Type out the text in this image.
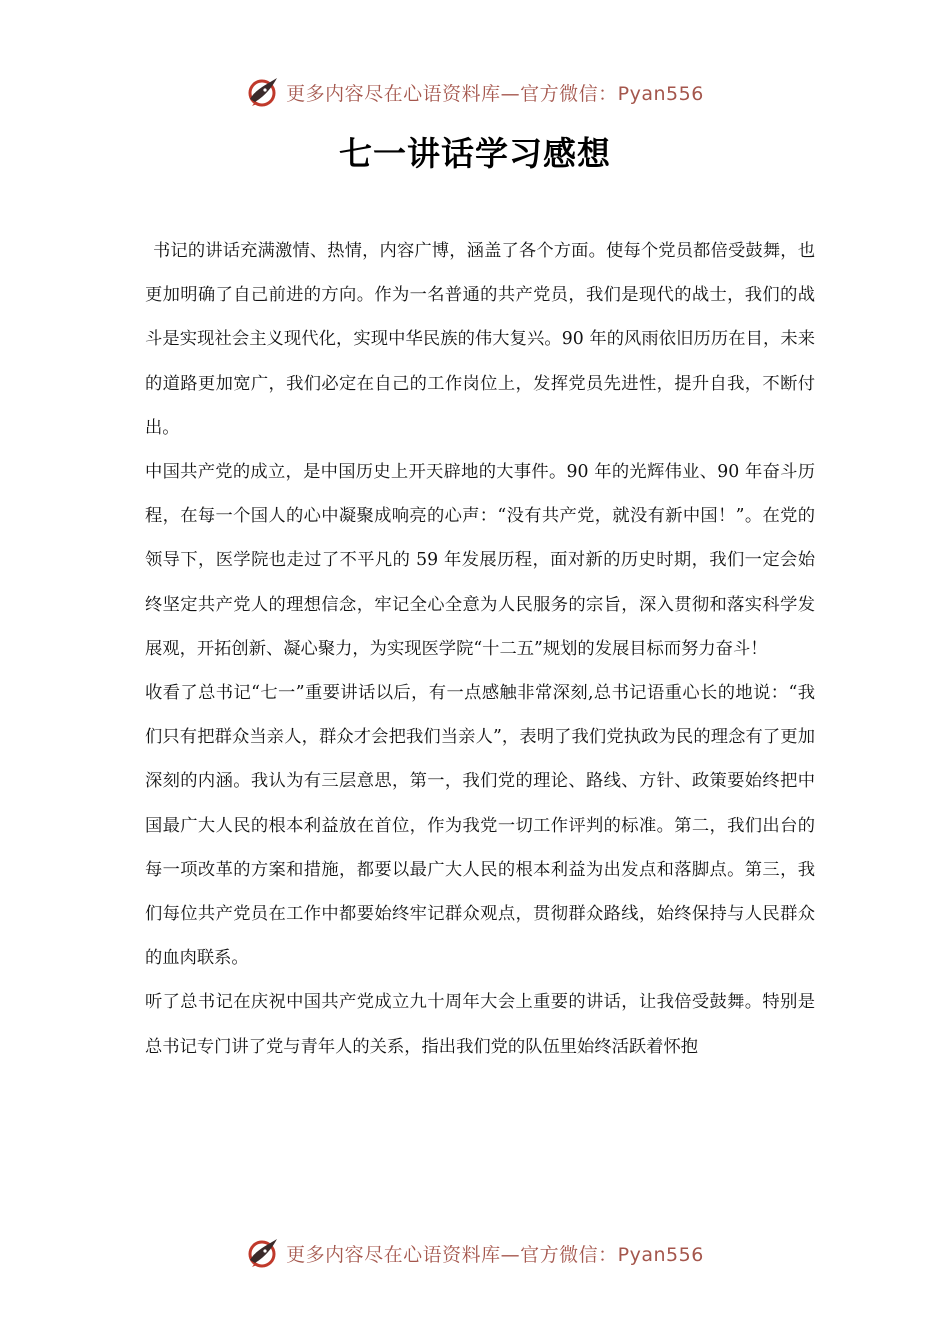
更多内容尽在心语资料库—官方微信：Pyan556
七一讲话学习感想

书记的讲话充满激情、热情，内容广博，涵盖了各个方面。使每个党员都倍受鼓舞，也更加明确了自己前进的方向。作为一名普通的共产党员，我们是现代的战士，我们的战斗是实现社会主义现代化，实现中华民族的伟大复兴。90 年的风雨依旧历历在目，未来的道路更加宽广，我们必定在自己的工作岗位上，发挥党员先进性，提升自我，不断付出。

中国共产党的成立，是中国历史上开天辟地的大事件。90 年的光辉伟业、90 年奋斗历程，在每一个国人的心中凝聚成响亮的心声：“没有共产党，就没有新中国！”。在党的领导下，医学院也走过了不平凡的 59 年发展历程，面对新的历史时期，我们一定会始终坚定共产党人的理想信念，牢记全心全意为人民服务的宗旨，深入贯彻和落实科学发展观，开拓创新、凝心聚力，为实现医学院“十二五”规划的发展目标而努力奋斗！

收看了总书记“七一”重要讲话以后，有一点感触非常深刻,总书记语重心长的地说：“我们只有把群众当亲人，群众才会把我们当亲人”，表明了我们党执政为民的理念有了更加深刻的内涵。我认为有三层意思，第一，我们党的理论、路线、方针、政策要始终把中国最广大人民的根本利益放在首位，作为我党一切工作评判的标准。第二，我们出台的每一项改革的方案和措施，都要以最广大人民的根本利益为出发点和落脚点。第三，我们每位共产党员在工作中都要始终牢记群众观点，贯彻群众路线，始终保持与人民群众的血肉联系。

听了总书记在庆祝中国共产党成立九十周年大会上重要的讲话，让我倍受鼓舞。特别是总书记专门讲了党与青年人的关系，指出我们党的队伍里始终活跃着怀抱

更多内容尽在心语资料库—官方微信：Pyan556
